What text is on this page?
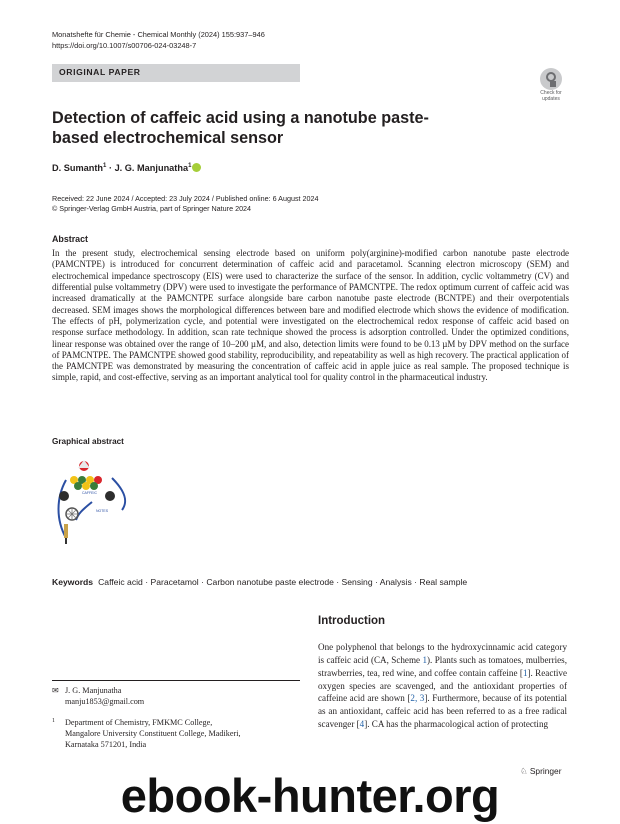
Monatshefte für Chemie - Chemical Monthly (2024) 155:937–946
https://doi.org/10.1007/s00706-024-03248-7
ORIGINAL PAPER
Check for
updates
Detection of caffeic acid using a nanotube paste-based electrochemical sensor
D. Sumanth$^1$ · J. G. Manjunatha$^1$
Received: 22 June 2024 / Accepted: 23 July 2024 / Published online: 6 August 2024
© Springer-Verlag GmbH Austria, part of Springer Nature 2024
Abstract
In the present study, electrochemical sensing electrode based on uniform poly(arginine)-modified carbon nanotube paste electrode (PAMCNTPE) is introduced for concurrent determination of caffeic acid and paracetamol. Scanning electron microscopy (SEM) and electrochemical impedance spectroscopy (EIS) were used to characterize the surface of the sensor. In addition, cyclic voltammetry (CV) and differential pulse voltammetry (DPV) were used to investigate the performance of PAMCNTPE. The redox optimum current of caffeic acid was increased dramatically at the PAMCNTPE surface alongside bare carbon nanotube paste electrode (BCNTPE) and their overpotentials decreased. SEM images shows the morphological differences between bare and modified electrode which shows the evidence of modification. The effects of pH, polymerization cycle, and potential were investigated on the electrochemical redox response of caffeic acid based on response surface methodology. In addition, scan rate technique showed the process is adsorption controlled. Under the optimized conditions, linear response was obtained over the range of 10–200 µM, and also, detection limits were found to be 0.13 µM by DPV method on the surface of PAMCNTPE. The PAMCNTPE showed good stability, reproducibility, and repeatability as well as high recovery. The practical application of the PAMCNTPE was demonstrated by measuring the concentration of caffeic acid in apple juice as real sample. The proposed technique is simple, rapid, and cost-effective, serving as an important analytical tool for quality control in the pharmaceutical industry.
Graphical abstract
CAFFEIC
NOTES
Keywords Caffeic acid · Paracetamol · Carbon nanotube paste electrode · Sensing · Analysis · Real sample
Introduction
One polyphenol that belongs to the hydroxycinnamic acid category is caffeic acid (CA, Scheme 1). Plants such as tomatoes, mulberries, strawberries, tea, red wine, and coffee contain caffeine [1]. Reactive oxygen species are scavenged, and the antioxidant properties of caffeine acid are shown [2, 3]. Furthermore, because of its potential as an antioxidant, caffeic acid has been referred to as a free radical scavenger [4]. CA has the pharmacological action of protecting
✉ J. G. Manjunatha
manju1853@gmail.com
1 Department of Chemistry, FMKMC College,
Mangalore University Constituent College, Madikeri,
Karnataka 571201, India
♘ Springer
ebook-hunter.org
